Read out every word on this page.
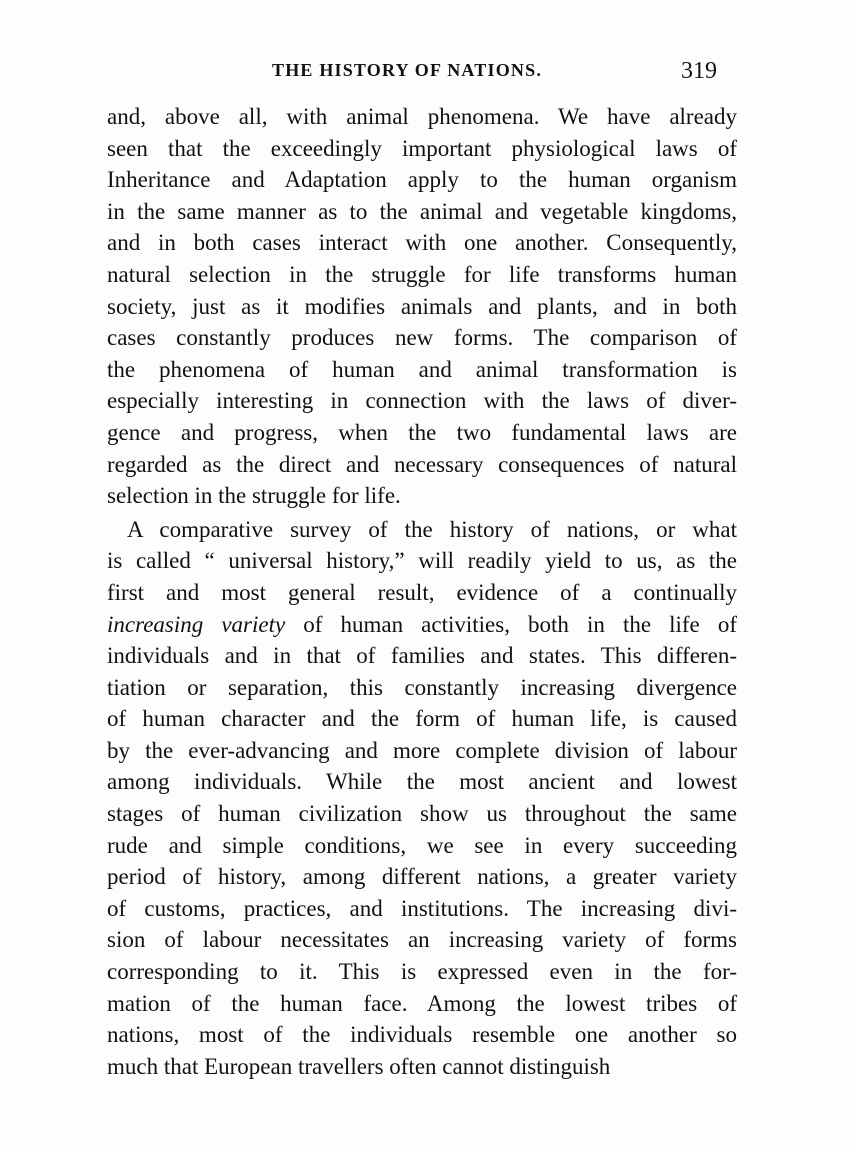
THE HISTORY OF NATIONS.	319
and, above all, with animal phenomena. We have already
seen that the exceedingly important physiological laws of
Inheritance and Adaptation apply to the human organism
in the same manner as to the animal and vegetable kingdoms,
and in both cases interact with one another. Consequently,
natural selection in the struggle for life transforms human
society, just as it modifies animals and plants, and in both
cases constantly produces new forms. The comparison of
the phenomena of human and animal transformation is
especially interesting in connection with the laws of diver-
gence and progress, when the two fundamental laws are
regarded as the direct and necessary consequences of natural
selection in the struggle for life.
A comparative survey of the history of nations, or what
is called “ universal history,” will readily yield to us, as the
first and most general result, evidence of a continually
increasing variety of human activities, both in the life of
individuals and in that of families and states. This differen-
tiation or separation, this constantly increasing divergence
of human character and the form of human life, is caused
by the ever-advancing and more complete division of labour
among individuals. While the most ancient and lowest
stages of human civilization show us throughout the same
rude and simple conditions, we see in every succeeding
period of history, among different nations, a greater variety
of customs, practices, and institutions. The increasing divi-
sion of labour necessitates an increasing variety of forms
corresponding to it. This is expressed even in the for-
mation of the human face. Among the lowest tribes of
nations, most of the individuals resemble one another so
much that European travellers often cannot distinguish
